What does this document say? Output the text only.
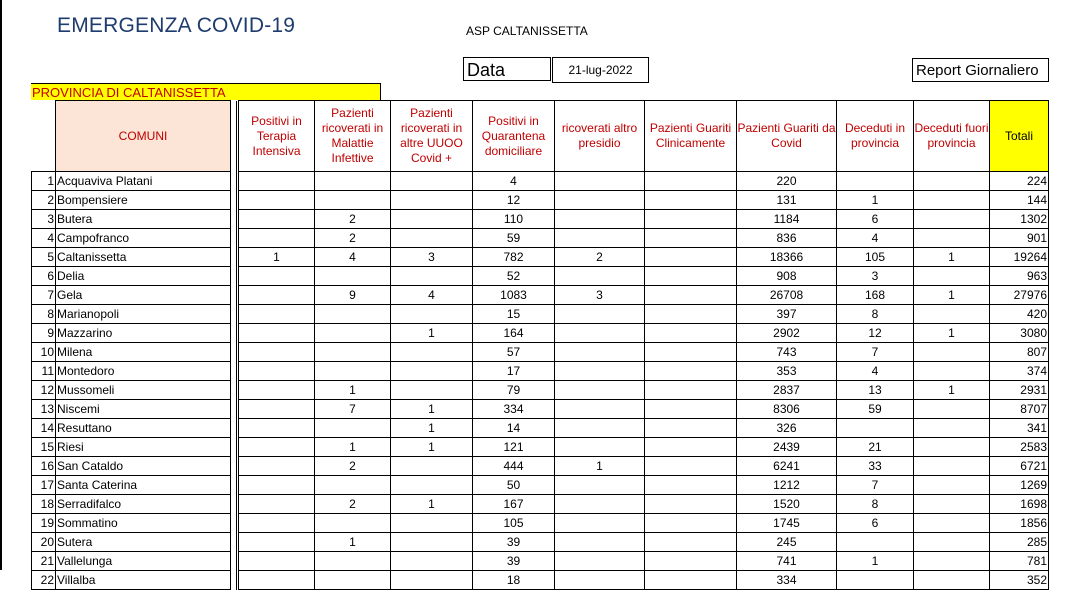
EMERGENZA COVID-19	ASP CALTANISSETTA
Data	21-lug-2022	Report Giornaliero
PROVINCIA DI CALTANISSETTA
	COMUNI			Positivi in Terapia Intensiva	Pazienti ricoverati in Malattie Infettive	Pazienti ricoverati in altre UUOO Covid +	Positivi in Quarantena domiciliare	ricoverati altro presidio	Pazienti Guariti Clinicamente	Pazienti Guariti da Covid	Deceduti in provincia	Deceduti fuori provincia	Totali
1	Acquaviva Platani						4			220			224
2	Bompensiere						12			131	1		144
3	Butera				2		110			1184	6		1302
4	Campofranco				2		59			836	4		901
5	Caltanissetta			1	4	3	782	2		18366	105	1	19264
6	Delia						52			908	3		963
7	Gela				9	4	1083	3		26708	168	1	27976
8	Marianopoli						15			397	8		420
9	Mazzarino					1	164			2902	12	1	3080
10	Milena						57			743	7		807
11	Montedoro						17			353	4		374
12	Mussomeli				1		79			2837	13	1	2931
13	Niscemi				7	1	334			8306	59		8707
14	Resuttano					1	14			326			341
15	Riesi				1	1	121			2439	21		2583
16	San Cataldo				2		444	1		6241	33		6721
17	Santa Caterina						50			1212	7		1269
18	Serradifalco				2	1	167			1520	8		1698
19	Sommatino						105			1745	6		1856
20	Sutera				1		39			245			285
21	Vallelunga						39			741	1		781
22	Villalba						18			334			352
